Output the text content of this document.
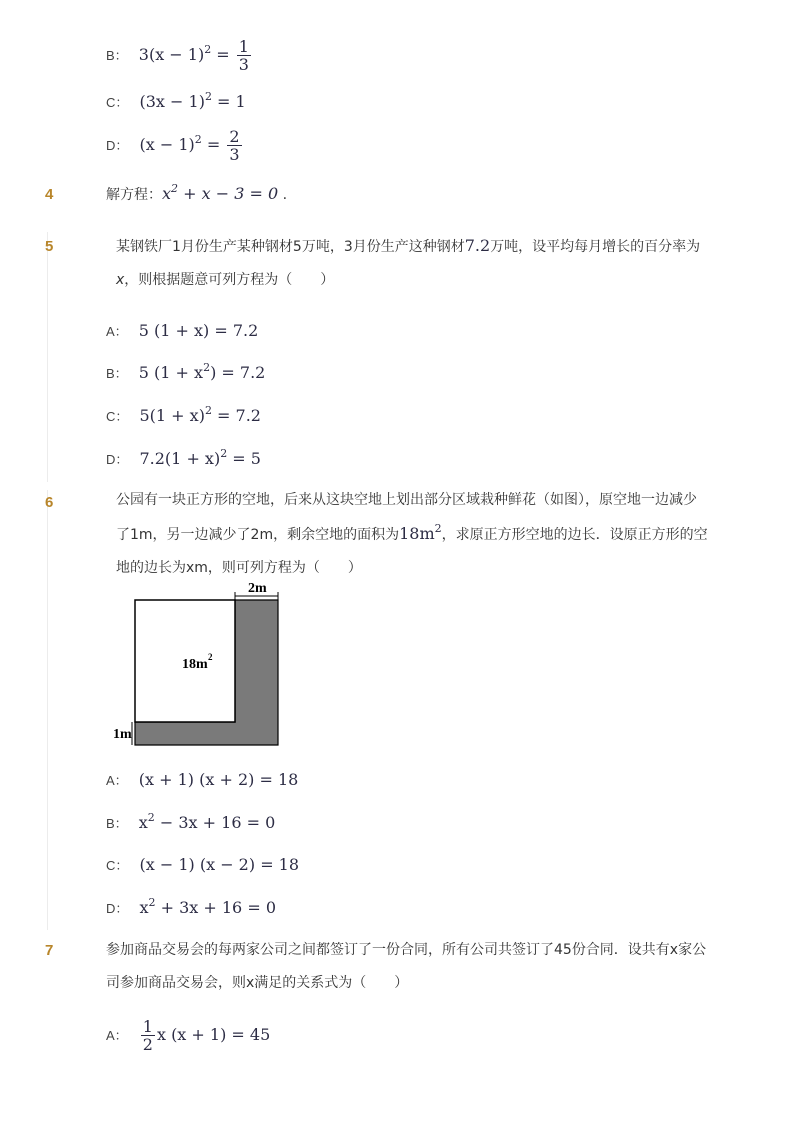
B： $3(x - 1)^2 = \frac{1}{3}$
C： $(3x - 1)^2 = 1$
D： $(x - 1)^2 = \frac{2}{3}$
4	解方程：$x^2 + x - 3 = 0$ .
5	某钢铁厂1月份生产某种钢材5万吨，3月份生产这种钢材7.2万吨，设平均每月增长的百分率为
x，则根据题意可列方程为（　　）
A： 5 (1 + x) = 7.2
B： 5 $(1 + x^2) = 7.2$
C： $5(1 + x)^2 = 7.2$
D： $7.2(1 + x)^2 = 5$
6	公园有一块正方形的空地，后来从这块空地上划出部分区域栽种鲜花（如图），原空地一边减少
了1m，另一边减少了2m，剩余空地的面积为$18m^2$，求原正方形空地的边长．设原正方形的空
地的边长为xm，则可列方程为（　　）
2m
18m 2
1m
A： (x + 1) (x + 2) = 18
B： $x^2 - 3x + 16 = 0$
C： (x − 1) (x − 2) = 18
D： $x^2 + 3x + 16 = 0$
7	参加商品交易会的每两家公司之间都签订了一份合同，所有公司共签订了45份合同．设共有x家公
司参加商品交易会，则x满足的关系式为（　　）
A： $\frac{1}{2}$ x (x + 1) = 45
